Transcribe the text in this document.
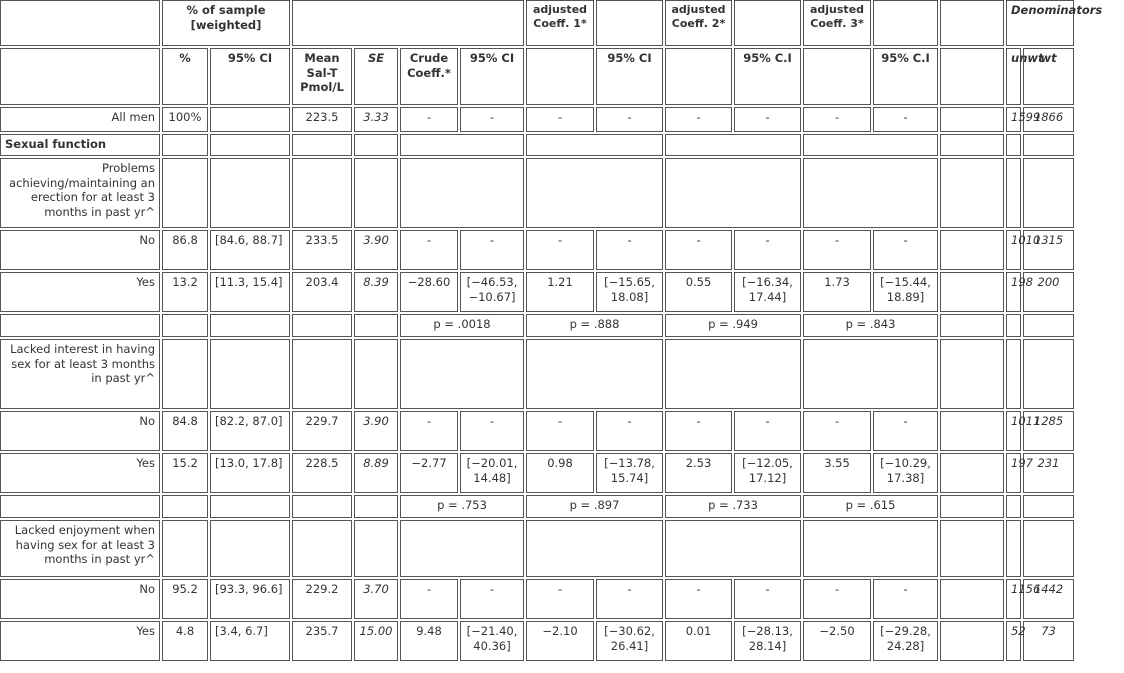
	% of sample [weighted]						adjusted Coeff. 1*		adjusted Coeff. 2*		adjusted Coeff. 3*			Denominators	
	%	95% CI	Mean Sal-T Pmol/L	SE	Crude Coeff.*	95% CI		95% CI		95% C.I		95% C.I		unwt	wt
All men	100%		223.5	3.33	-	-	-	-	-	-	-	-		1599	1866
Sexual function															
Problems achieving/maintaining an erection for at least 3 months in past yr^															
No	86.8	[84.6, 88.7]	233.5	3.90	-	-	-	-	-	-	-	-		1010	1315
Yes	13.2	[11.3, 15.4]	203.4	8.39	−28.60	[−46.53, −10.67]	1.21	[−15.65, 18.08]	0.55	[−16.34, 17.44]	1.73	[−15.44, 18.89]		198	200
					p = .0018		p = .888		p = .949		p = .843				
Lacked interest in having sex for at least 3 months in past yr^															
No	84.8	[82.2, 87.0]	229.7	3.90	-	-	-	-	-	-	-	-		1011	1285
Yes	15.2	[13.0, 17.8]	228.5	8.89	−2.77	[−20.01, 14.48]	0.98	[−13.78, 15.74]	2.53	[−12.05, 17.12]	3.55	[−10.29, 17.38]		197	231
					p = .753		p = .897		p = .733		p = .615				
Lacked enjoyment when having sex for at least 3 months in past yr^															
No	95.2	[93.3, 96.6]	229.2	3.70	-	-	-	-	-	-	-	-		1156	1442
Yes	4.8	[3.4, 6.7]	235.7	15.00	9.48	[−21.40, 40.36]	−2.10	[−30.62, 26.41]	0.01	[−28.13, 28.14]	−2.50	[−29.28, 24.28]		52	73
